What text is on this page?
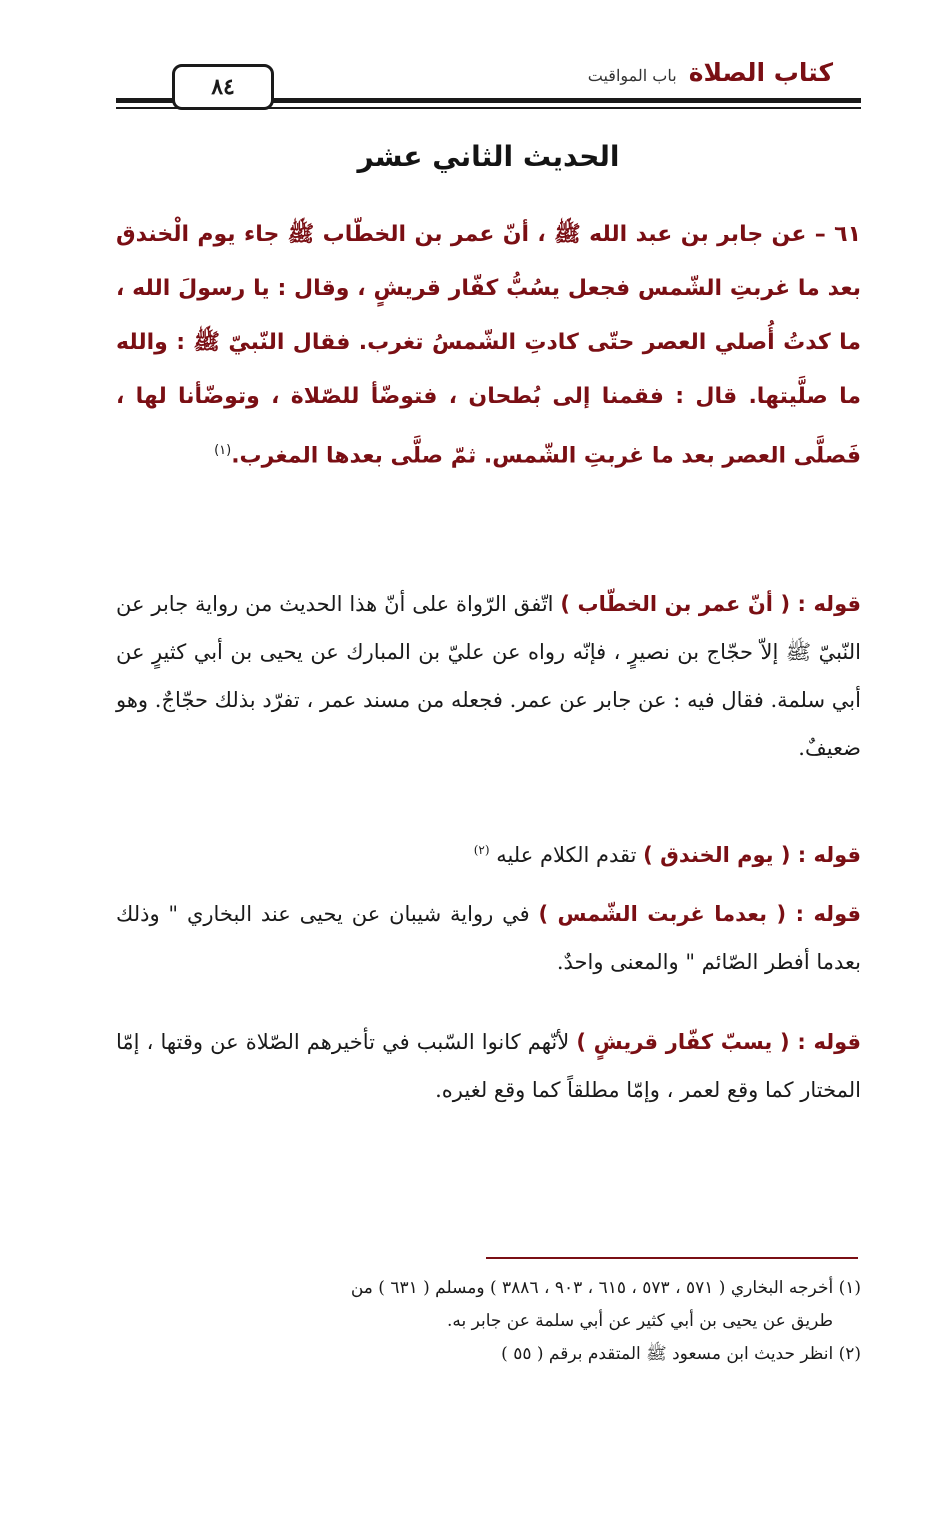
كتاب الصلاة
باب المواقيت
٨٤
الحديث الثاني عشر
٦١ – عن جابر بن عبد الله ﷺ ، أنّ عمر بن الخطّاب ﷺ جاء يوم الْخندق بعد ما غربتِ الشّمس فجعل يسُبُّ كفّار قريشٍ ، وقال : يا رسولَ الله ، ما كدتُ أُصلي العصر حتّى كادتِ الشّمسُ تغرب. فقال النّبيّ ﷺ : والله ما صلَّيتها. قال : فقمنا إلى بُطحان ، فتوضّأ للصّلاة ، وتوضّأنا لها ، فَصلَّى العصر بعد ما غربتِ الشّمس. ثمّ صلَّى بعدها المغرب.$^{(١)}$
قوله : ( أنّ عمر بن الخطّاب ) اتّفق الرّواة على أنّ هذا الحديث من رواية جابر عن النّبيّ ﷺ إلاّ حجّاج بن نصيرٍ ، فإنّه رواه عن عليّ بن المبارك عن يحيى بن أبي كثيرٍ عن أبي سلمة. فقال فيه : عن جابر عن عمر. فجعله من مسند عمر ، تفرّد بذلك حجّاجٌ. وهو ضعيفٌ.
قوله : ( يوم الخندق ) تقدم الكلام عليه $^{(٢)}$
قوله : ( بعدما غربت الشّمس ) في رواية شيبان عن يحيى عند البخاري " وذلك بعدما أفطر الصّائم " والمعنى واحدٌ.
قوله : ( يسبّ كفّار قريشٍ ) لأنّهم كانوا السّبب في تأخيرهم الصّلاة عن وقتها ، إمّا المختار كما وقع لعمر ، وإمّا مطلقاً كما وقع لغيره.
(١) أخرجه البخاري ( ٥٧١ ، ٥٧٣ ، ٦١٥ ، ٩٠٣ ، ٣٨٨٦ ) ومسلم ( ٦٣١ ) من
طريق عن يحيى بن أبي كثير عن أبي سلمة عن جابر به.
(٢) انظر حديث ابن مسعود ﷺ المتقدم برقم ( ٥٥ )
